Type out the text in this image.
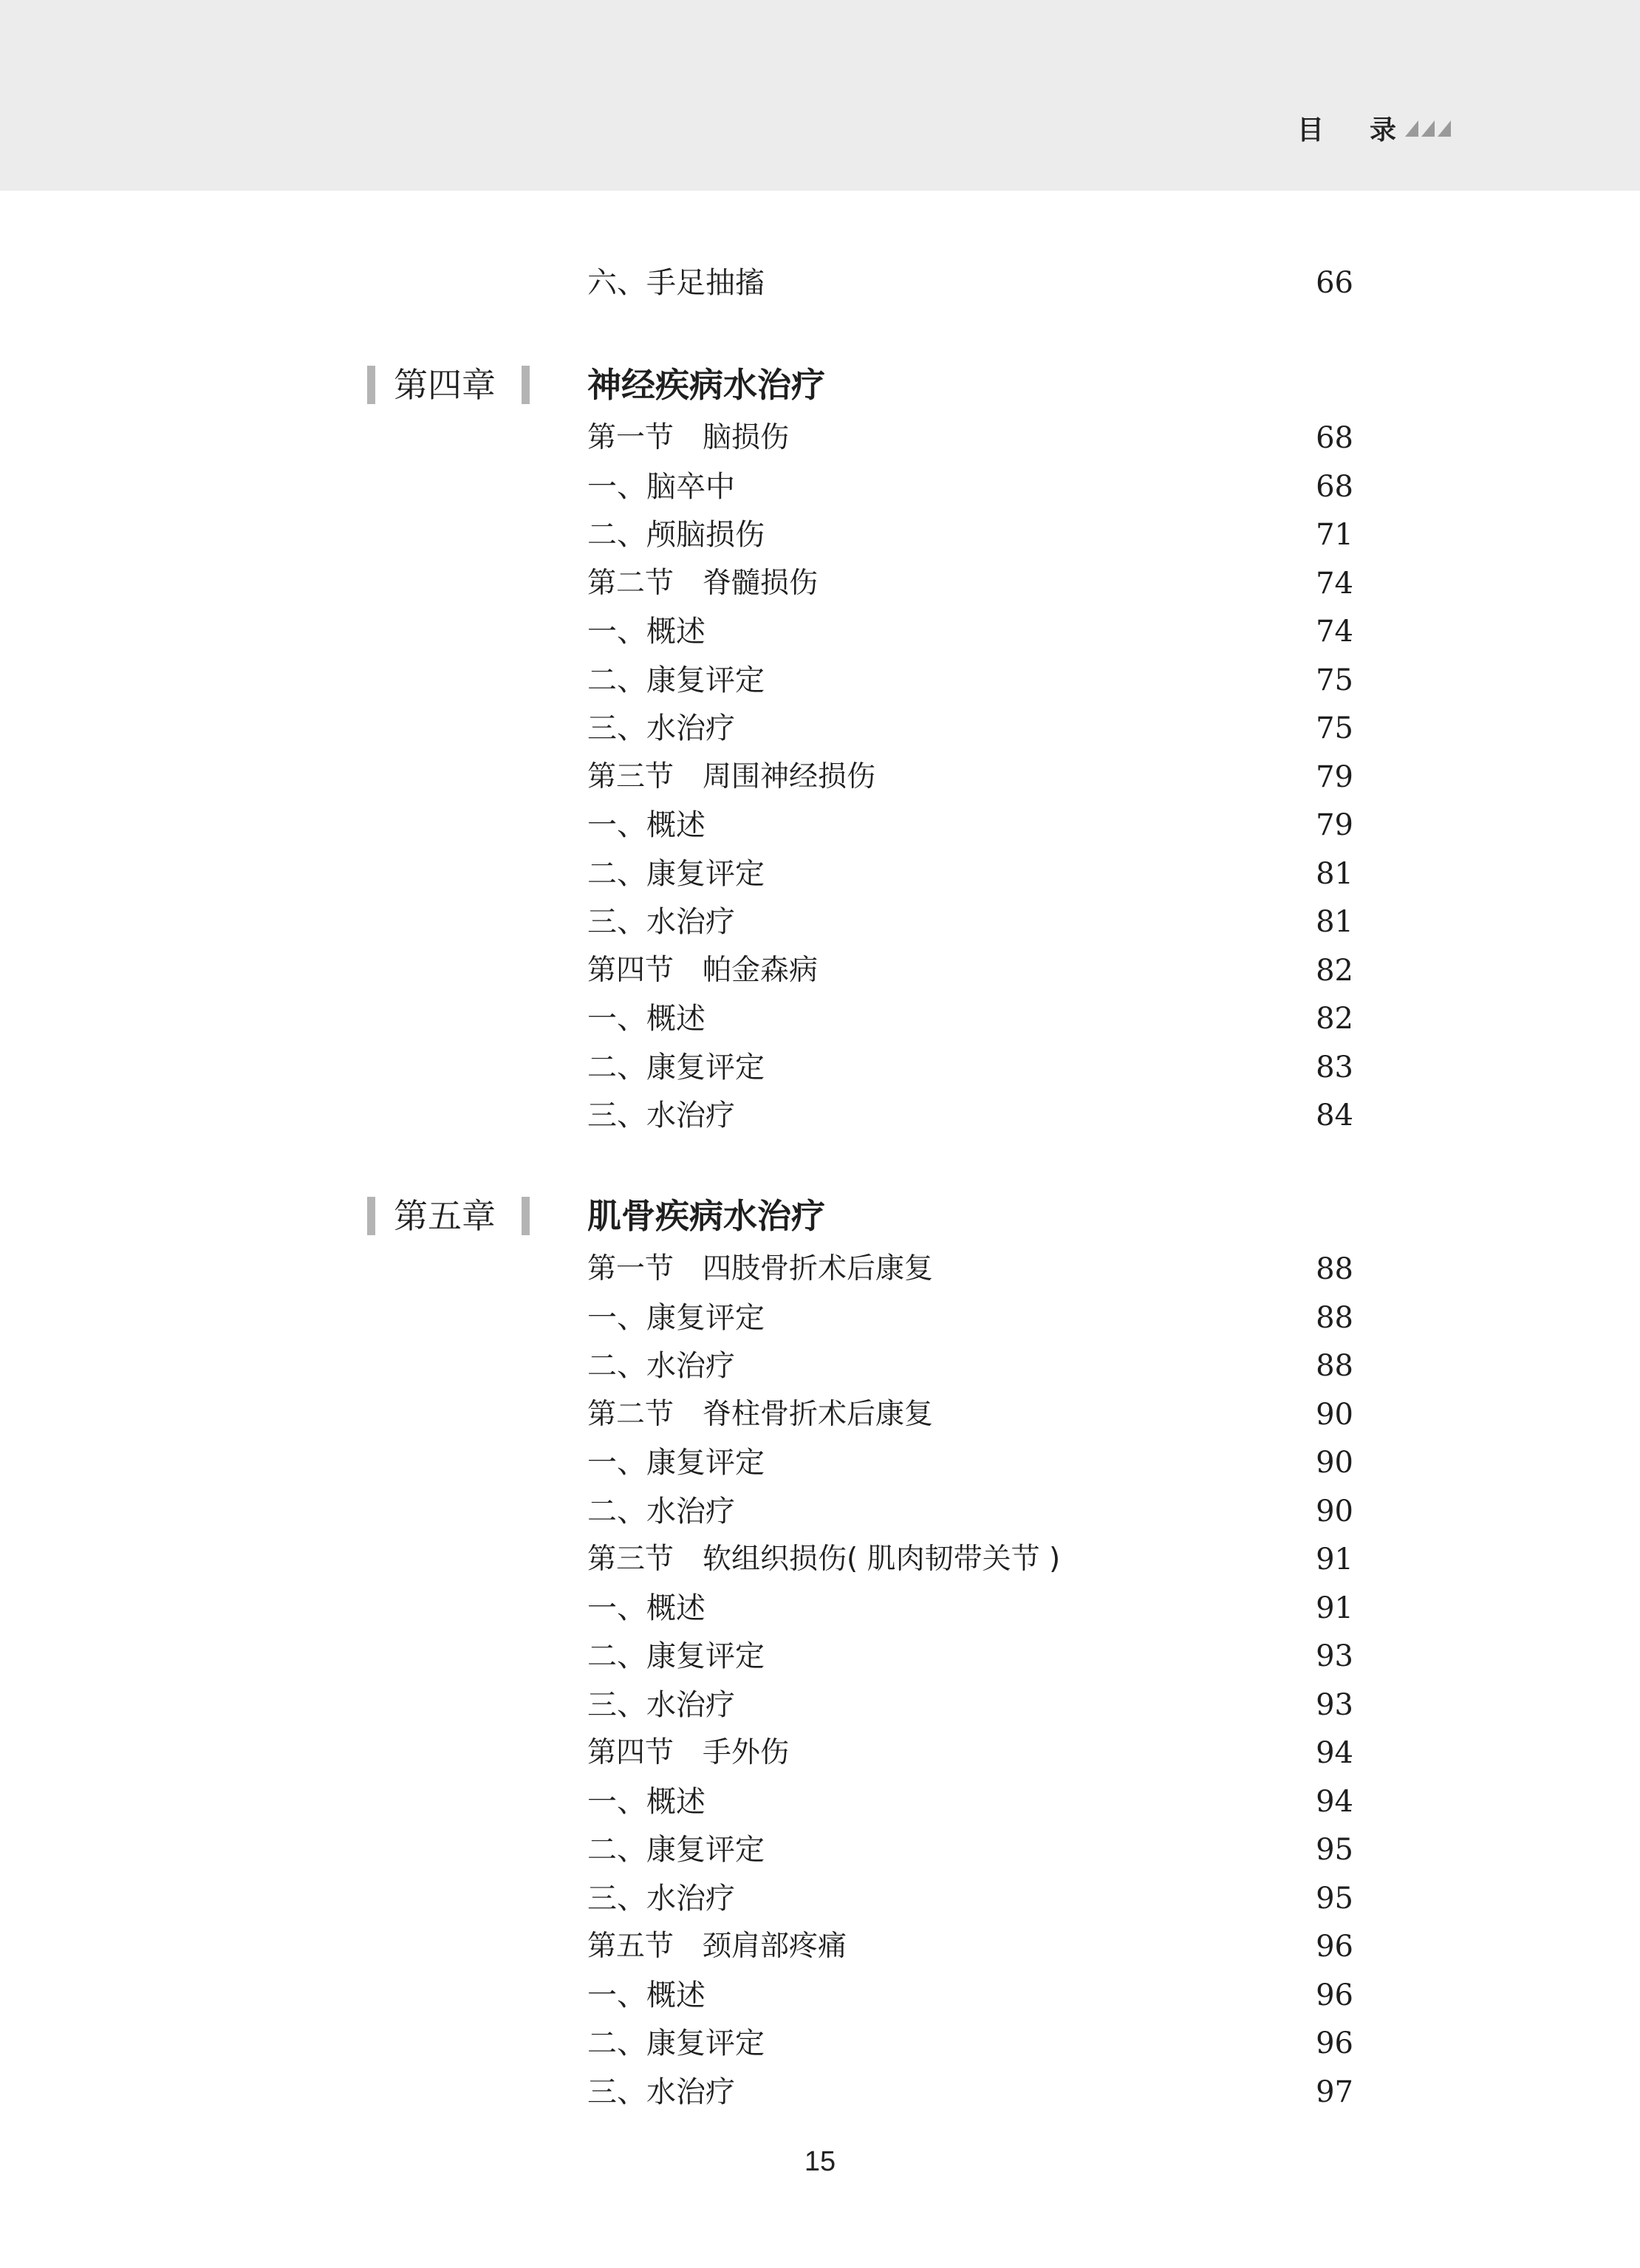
目 录
六、手足抽搐	66
第四章	神经疾病水治疗
第一节　脑损伤	68
一、脑卒中	68
二、颅脑损伤	71
第二节　脊髓损伤	74
一、概述	74
二、康复评定	75
三、水治疗	75
第三节　周围神经损伤	79
一、概述	79
二、康复评定	81
三、水治疗	81
第四节　帕金森病	82
一、概述	82
二、康复评定	83
三、水治疗	84
第五章	肌骨疾病水治疗
第一节　四肢骨折术后康复	88
一、康复评定	88
二、水治疗	88
第二节　脊柱骨折术后康复	90
一、康复评定	90
二、水治疗	90
第三节　软组织损伤( 肌肉韧带关节 )	91
一、概述	91
二、康复评定	93
三、水治疗	93
第四节　手外伤	94
一、概述	94
二、康复评定	95
三、水治疗	95
第五节　颈肩部疼痛	96
一、概述	96
二、康复评定	96
三、水治疗	97
15
